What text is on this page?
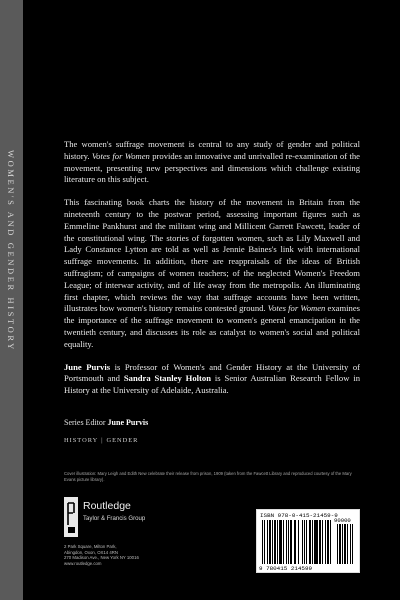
WOMEN'S AND GENDER HISTORY

The women's suffrage movement is central to any study of gender and political history. Votes for Women provides an innovative and unrivalled re-examination of the movement, presenting new perspectives and dimensions which challenge existing literature on this subject.

This fascinating book charts the history of the movement in Britain from the nineteenth century to the postwar period, assessing important figures such as Emmeline Pankhurst and the militant wing and Millicent Garrett Fawcett, leader of the constitutional wing. The stories of forgotten women, such as Lily Maxwell and Lady Constance Lytton are told as well as Jennie Baines's link with international suffrage movements. In addition, there are reappraisals of the ideas of British suffragism; of campaigns of women teachers; of the neglected Women's Freedom League; of interwar activity, and of life away from the metropolis. An illuminating first chapter, which reviews the way that suffrage accounts have been written, illustrates how women's history remains contested ground. Votes for Women examines the importance of the suffrage movement to women's general emancipation in the twentieth century, and discusses its role as catalyst to women's social and political equality.

June Purvis is Professor of Women's and Gender History at the University of Portsmouth and Sandra Stanley Holton is Senior Australian Research Fellow in History at the University of Adelaide, Australia.

Series Editor June Purvis
HISTORY | GENDER
Cover illustration: Mary Leigh and Edith New celebrate their release from prison, 1909 (taken from the Fawcett Library and reproduced courtesy of the Mary Evans picture library).
Routledge
Taylor & Francis Group
2 Park Square, Milton Park,
Abingdon, Oxon, OX14 4RN
270 Madison Ave., New York NY 10016
www.routledge.com
ISBN 978-0-415-21459-9
90000
9 780415 214599
